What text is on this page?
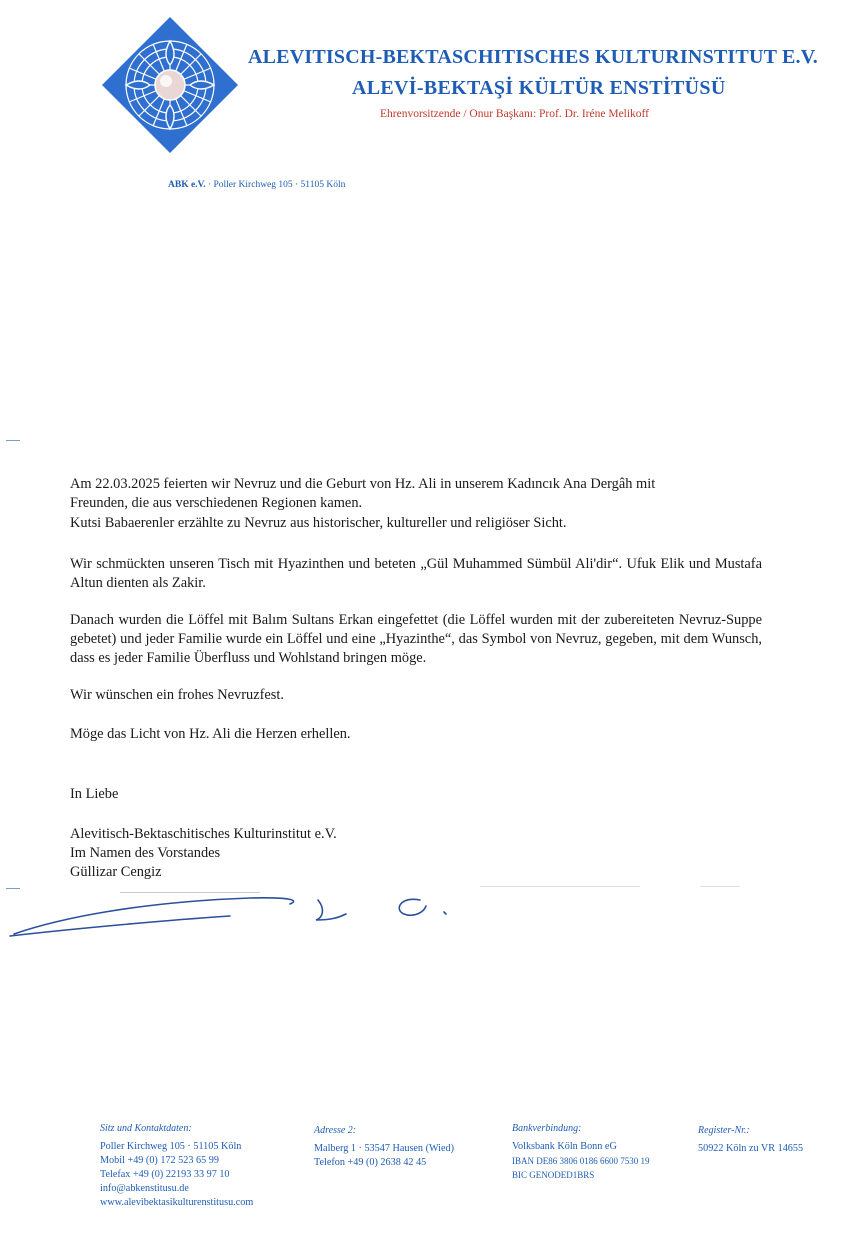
ALEVITISCH-BEKTASCHITISCHES KULTURINSTITUT E.V.
ALEVİ-BEKTAŞİ KÜLTÜR ENSTİTÜSÜ
Ehrenvorsitzende / Onur Başkanı: Prof. Dr. Iréne Melikoff
ABK e.V. · Poller Kirchweg 105 · 51105 Köln
Am 22.03.2025 feierten wir Nevruz und die Geburt von Hz. Ali in unserem Kadıncık Ana Dergâh mit
Freunden, die aus verschiedenen Regionen kamen.
Kutsi Babaerenler erzählte zu Nevruz aus historischer, kultureller und religiöser Sicht.
Wir schmückten unseren Tisch mit Hyazinthen und beteten „Gül Muhammed Sümbül Ali'dir“. Ufuk Elik und Mustafa Altun dienten als Zakir.
Danach wurden die Löffel mit Balım Sultans Erkan eingefettet (die Löffel wurden mit der zubereiteten Nevruz-Suppe gebetet) und jeder Familie wurde ein Löffel und eine „Hyazinthe“, das Symbol von Nevruz, gegeben, mit dem Wunsch, dass es jeder Familie Überfluss und Wohlstand bringen möge.
Wir wünschen ein frohes Nevruzfest.
Möge das Licht von Hz. Ali die Herzen erhellen.
In Liebe
Alevitisch-Bektaschitisches Kulturinstitut e.V.
Im Namen des Vorstandes
Güllizar Cengiz
Sitz und Kontaktdaten:
Poller Kirchweg 105 · 51105 Köln
Mobil +49 (0) 172 523 65 99
Telefax +49 (0) 22193 33 97 10
info@abkenstitusu.de
www.alevibektasikulturenstitusu.com
Adresse 2:
Malberg 1 · 53547 Hausen (Wied)
Telefon +49 (0) 2638 42 45
Bankverbindung:
Volksbank Köln Bonn eG
IBAN DE86 3806 0186 6600 7530 19
BIC GENODED1BRS
Register-Nr.:
50922 Köln zu VR 14655
